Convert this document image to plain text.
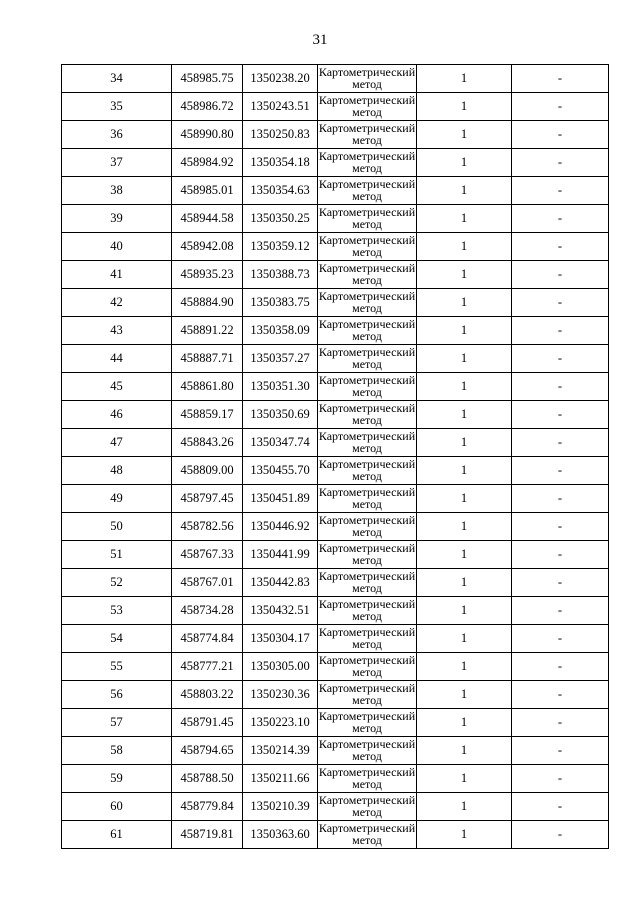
31
34	458985.75	1350238.20	Картометрический метод	1	-
35	458986.72	1350243.51	Картометрический метод	1	-
36	458990.80	1350250.83	Картометрический метод	1	-
37	458984.92	1350354.18	Картометрический метод	1	-
38	458985.01	1350354.63	Картометрический метод	1	-
39	458944.58	1350350.25	Картометрический метод	1	-
40	458942.08	1350359.12	Картометрический метод	1	-
41	458935.23	1350388.73	Картометрический метод	1	-
42	458884.90	1350383.75	Картометрический метод	1	-
43	458891.22	1350358.09	Картометрический метод	1	-
44	458887.71	1350357.27	Картометрический метод	1	-
45	458861.80	1350351.30	Картометрический метод	1	-
46	458859.17	1350350.69	Картометрический метод	1	-
47	458843.26	1350347.74	Картометрический метод	1	-
48	458809.00	1350455.70	Картометрический метод	1	-
49	458797.45	1350451.89	Картометрический метод	1	-
50	458782.56	1350446.92	Картометрический метод	1	-
51	458767.33	1350441.99	Картометрический метод	1	-
52	458767.01	1350442.83	Картометрический метод	1	-
53	458734.28	1350432.51	Картометрический метод	1	-
54	458774.84	1350304.17	Картометрический метод	1	-
55	458777.21	1350305.00	Картометрический метод	1	-
56	458803.22	1350230.36	Картометрический метод	1	-
57	458791.45	1350223.10	Картометрический метод	1	-
58	458794.65	1350214.39	Картометрический метод	1	-
59	458788.50	1350211.66	Картометрический метод	1	-
60	458779.84	1350210.39	Картометрический метод	1	-
61	458719.81	1350363.60	Картометрический метод	1	-
